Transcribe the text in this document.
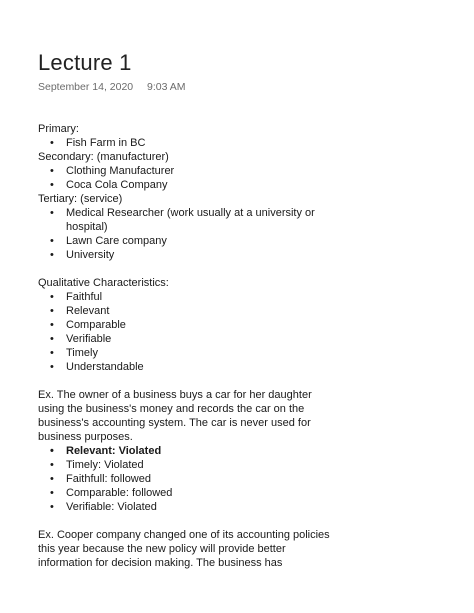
Lecture 1
September 14, 2020 9:03 AM

Primary:

• Fish Farm in BC

Secondary: (manufacturer)

• Clothing Manufacturer
• Coca Cola Company

Tertiary: (service)

• Medical Researcher (work usually at a university or hospital)
• Lawn Care company
• University

Qualitative Characteristics:

• Faithful
• Relevant
• Comparable
• Verifiable
• Timely
• Understandable

Ex. The owner of a business buys a car for her daughter using the business's money and records the car on the business's accounting system. The car is never used for business purposes.

• Relevant: Violated
• Timely: Violated
• Faithfull: followed
• Comparable: followed
• Verifiable: Violated

Ex. Cooper company changed one of its accounting policies this year because the new policy will provide better information for decision making. The business has
